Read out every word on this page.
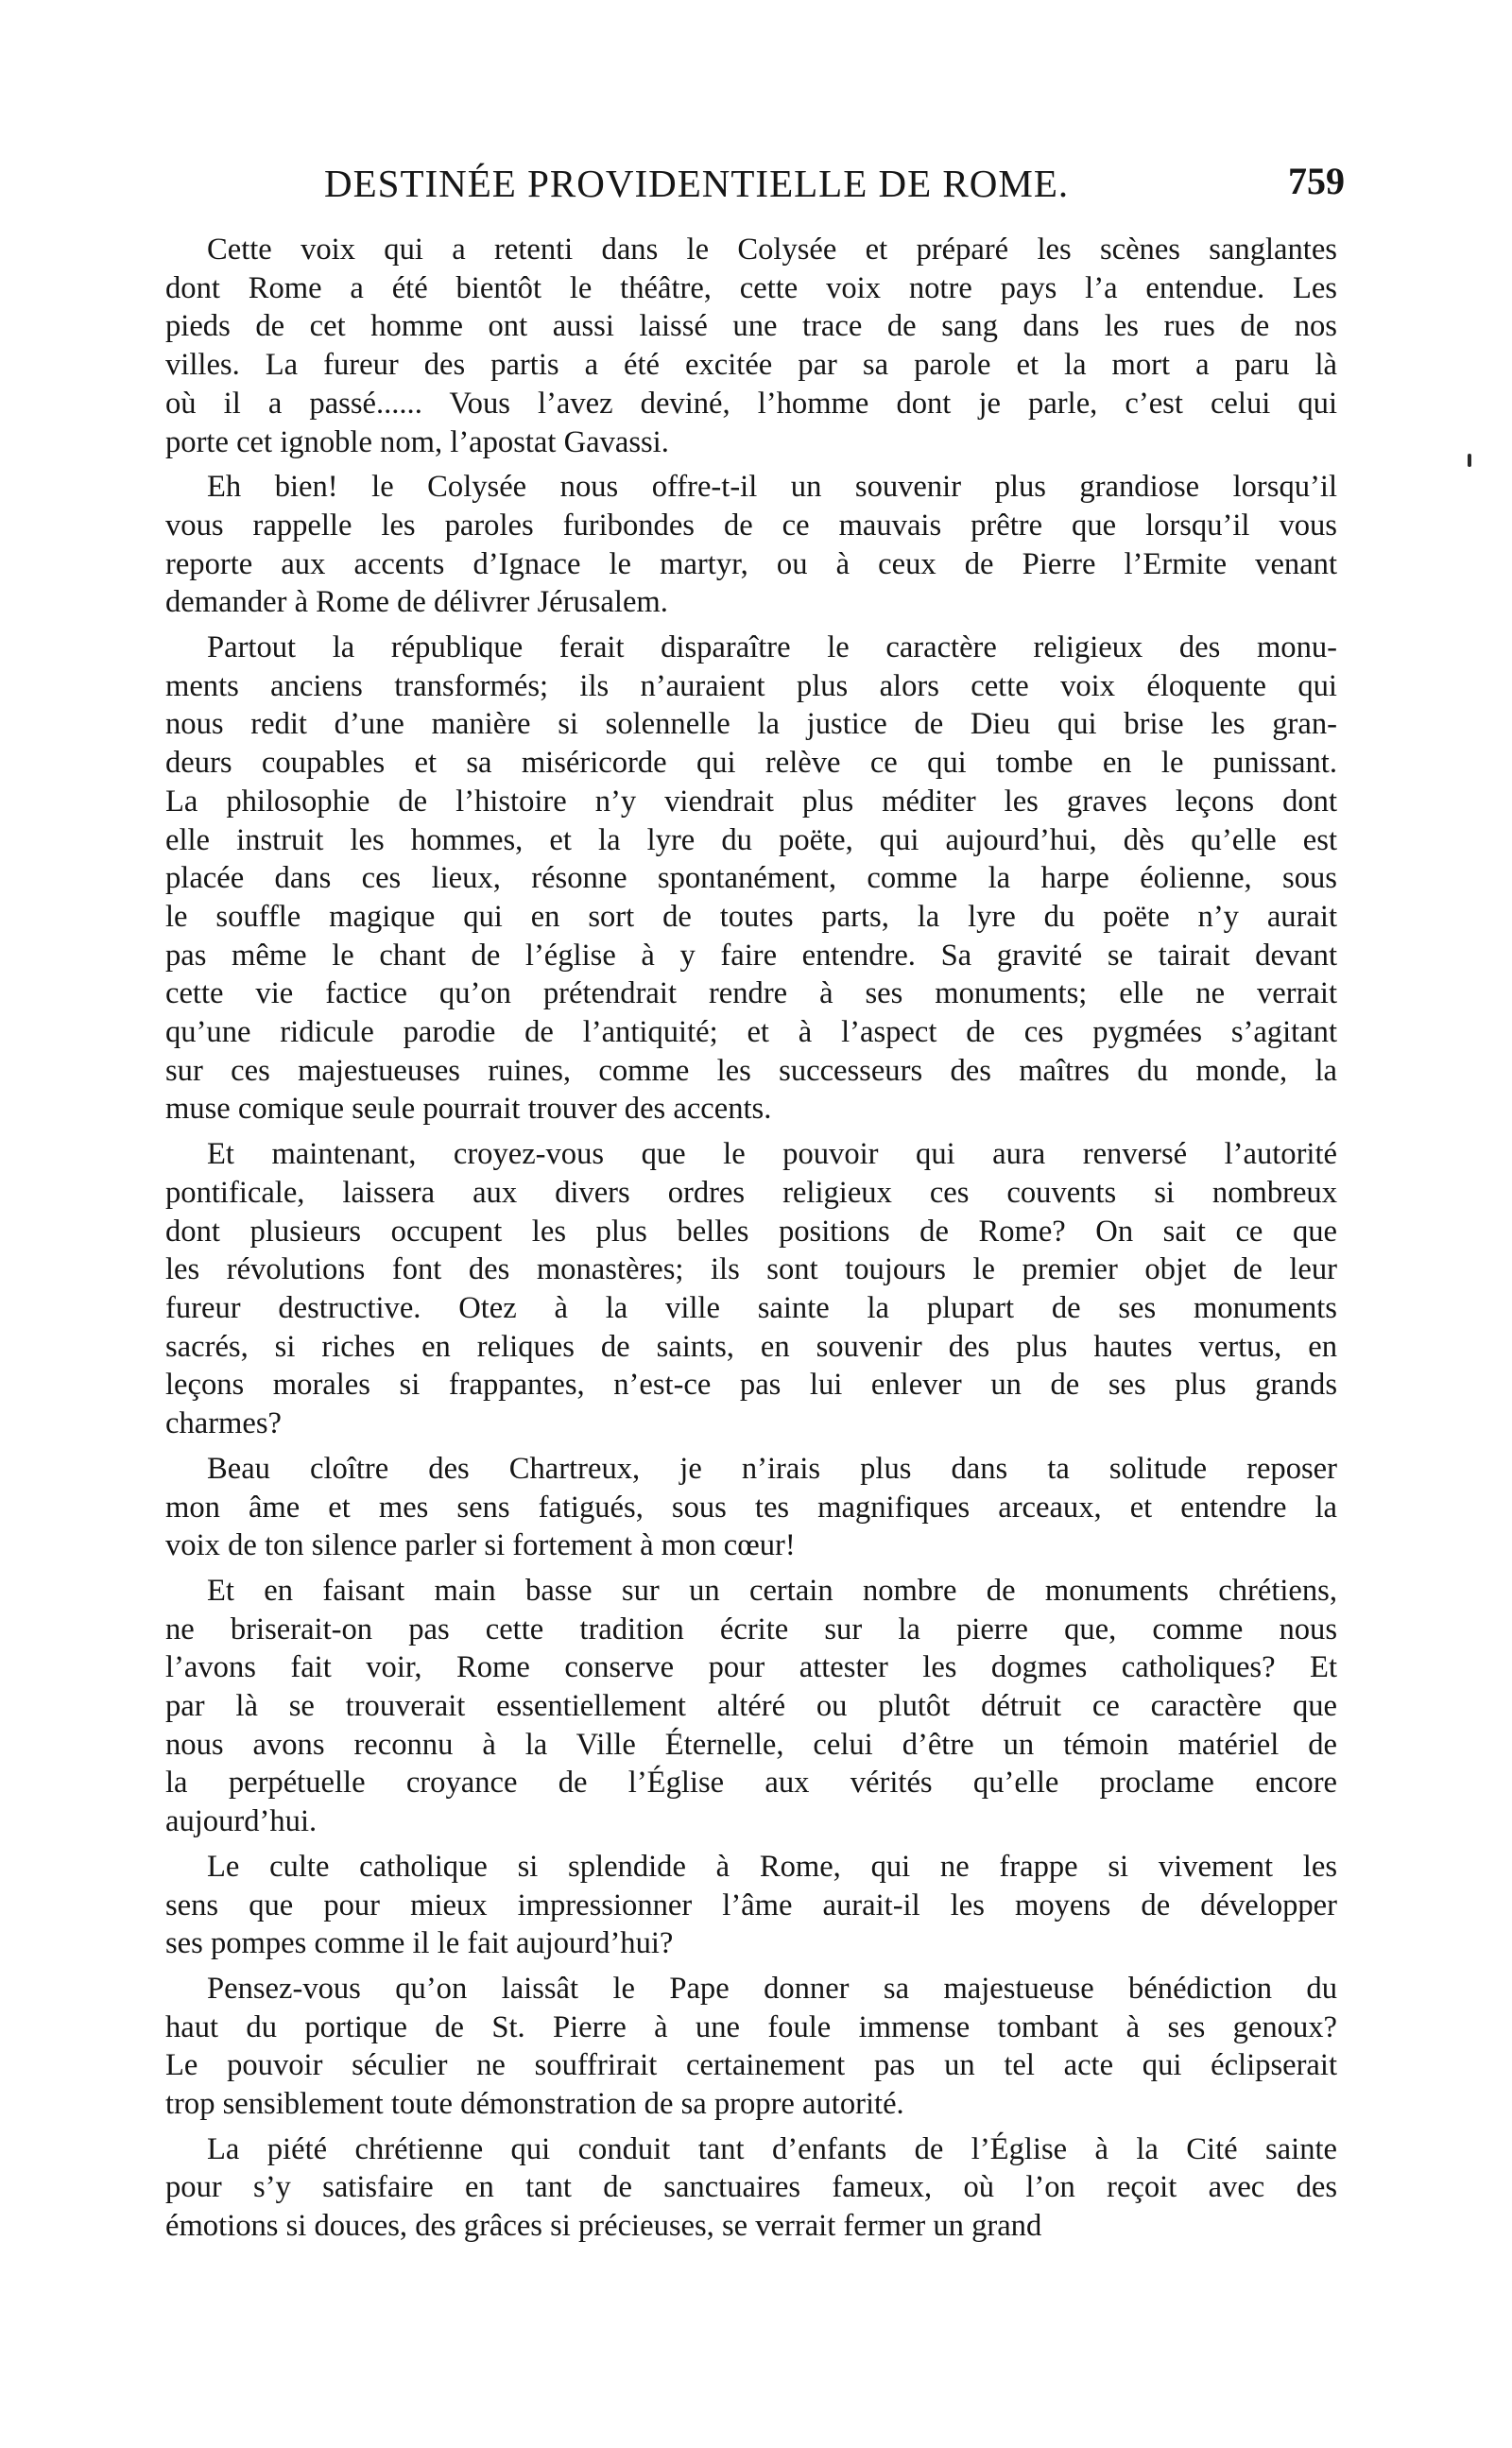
DESTINÉE PROVIDENTIELLE DE ROME.	759

Cette voix qui a retenti dans le Colysée et préparé les scènes sanglantes
dont Rome a été bientôt le théâtre, cette voix notre pays l’a entendue. Les
pieds de cet homme ont aussi laissé une trace de sang dans les rues de nos
villes. La fureur des partis a été excitée par sa parole et la mort a paru là
où il a passé...... Vous l’avez deviné, l’homme dont je parle, c’est celui qui
porte cet ignoble nom, l’apostat Gavassi.

Eh bien! le Colysée nous offre-t-il un souvenir plus grandiose lorsqu’il
vous rappelle les paroles furibondes de ce mauvais prêtre que lorsqu’il vous
reporte aux accents d’Ignace le martyr, ou à ceux de Pierre l’Ermite venant
demander à Rome de délivrer Jérusalem.

Partout la république ferait disparaître le caractère religieux des monu-
ments anciens transformés; ils n’auraient plus alors cette voix éloquente qui
nous redit d’une manière si solennelle la justice de Dieu qui brise les gran-
deurs coupables et sa miséricorde qui relève ce qui tombe en le punissant.
La philosophie de l’histoire n’y viendrait plus méditer les graves leçons dont
elle instruit les hommes, et la lyre du poëte, qui aujourd’hui, dès qu’elle est
placée dans ces lieux, résonne spontanément, comme la harpe éolienne, sous
le souffle magique qui en sort de toutes parts, la lyre du poëte n’y aurait
pas même le chant de l’église à y faire entendre. Sa gravité se tairait devant
cette vie factice qu’on prétendrait rendre à ses monuments; elle ne verrait
qu’une ridicule parodie de l’antiquité; et à l’aspect de ces pygmées s’agitant
sur ces majestueuses ruines, comme les successeurs des maîtres du monde, la
muse comique seule pourrait trouver des accents.

Et maintenant, croyez-vous que le pouvoir qui aura renversé l’autorité
pontificale, laissera aux divers ordres religieux ces couvents si nombreux
dont plusieurs occupent les plus belles positions de Rome? On sait ce que
les révolutions font des monastères; ils sont toujours le premier objet de leur
fureur destructive. Otez à la ville sainte la plupart de ses monuments
sacrés, si riches en reliques de saints, en souvenir des plus hautes vertus, en
leçons morales si frappantes, n’est-ce pas lui enlever un de ses plus grands
charmes?

Beau cloître des Chartreux, je n’irais plus dans ta solitude reposer
mon âme et mes sens fatigués, sous tes magnifiques arceaux, et entendre la
voix de ton silence parler si fortement à mon cœur!

Et en faisant main basse sur un certain nombre de monuments chrétiens,
ne briserait-on pas cette tradition écrite sur la pierre que, comme nous
l’avons fait voir, Rome conserve pour attester les dogmes catholiques? Et
par là se trouverait essentiellement altéré ou plutôt détruit ce caractère que
nous avons reconnu à la Ville Éternelle, celui d’être un témoin matériel de
la perpétuelle croyance de l’Église aux vérités qu’elle proclame encore
aujourd’hui.

Le culte catholique si splendide à Rome, qui ne frappe si vivement les
sens que pour mieux impressionner l’âme aurait-il les moyens de développer
ses pompes comme il le fait aujourd’hui?

Pensez-vous qu’on laissât le Pape donner sa majestueuse bénédiction du
haut du portique de St. Pierre à une foule immense tombant à ses genoux?
Le pouvoir séculier ne souffrirait certainement pas un tel acte qui éclipserait
trop sensiblement toute démonstration de sa propre autorité.

La piété chrétienne qui conduit tant d’enfants de l’Église à la Cité sainte
pour s’y satisfaire en tant de sanctuaires fameux, où l’on reçoit avec des
émotions si douces, des grâces si précieuses, se verrait fermer un grand
